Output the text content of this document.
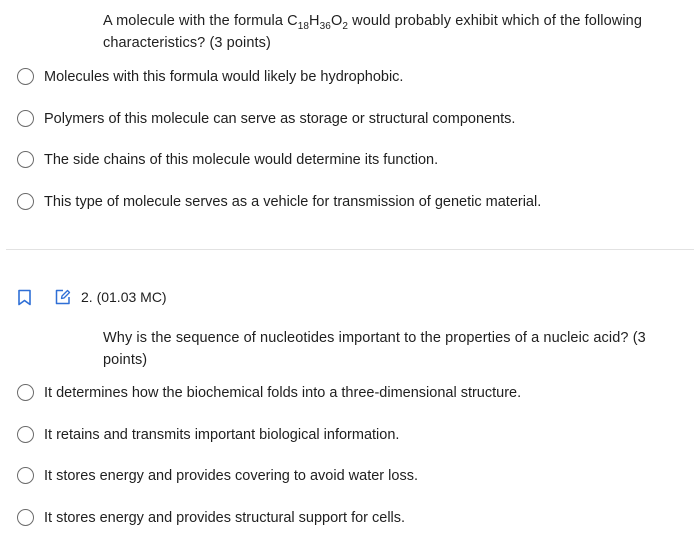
A molecule with the formula $C_{18}H_{36}O_2$ would probably exhibit which of the following characteristics? (3 points)
Molecules with this formula would likely be hydrophobic.
Polymers of this molecule can serve as storage or structural components.
The side chains of this molecule would determine its function.
This type of molecule serves as a vehicle for transmission of genetic material.
2. (01.03 MC)
Why is the sequence of nucleotides important to the properties of a nucleic acid? (3 points)
It determines how the biochemical folds into a three-dimensional structure.
It retains and transmits important biological information.
It stores energy and provides covering to avoid water loss.
It stores energy and provides structural support for cells.
